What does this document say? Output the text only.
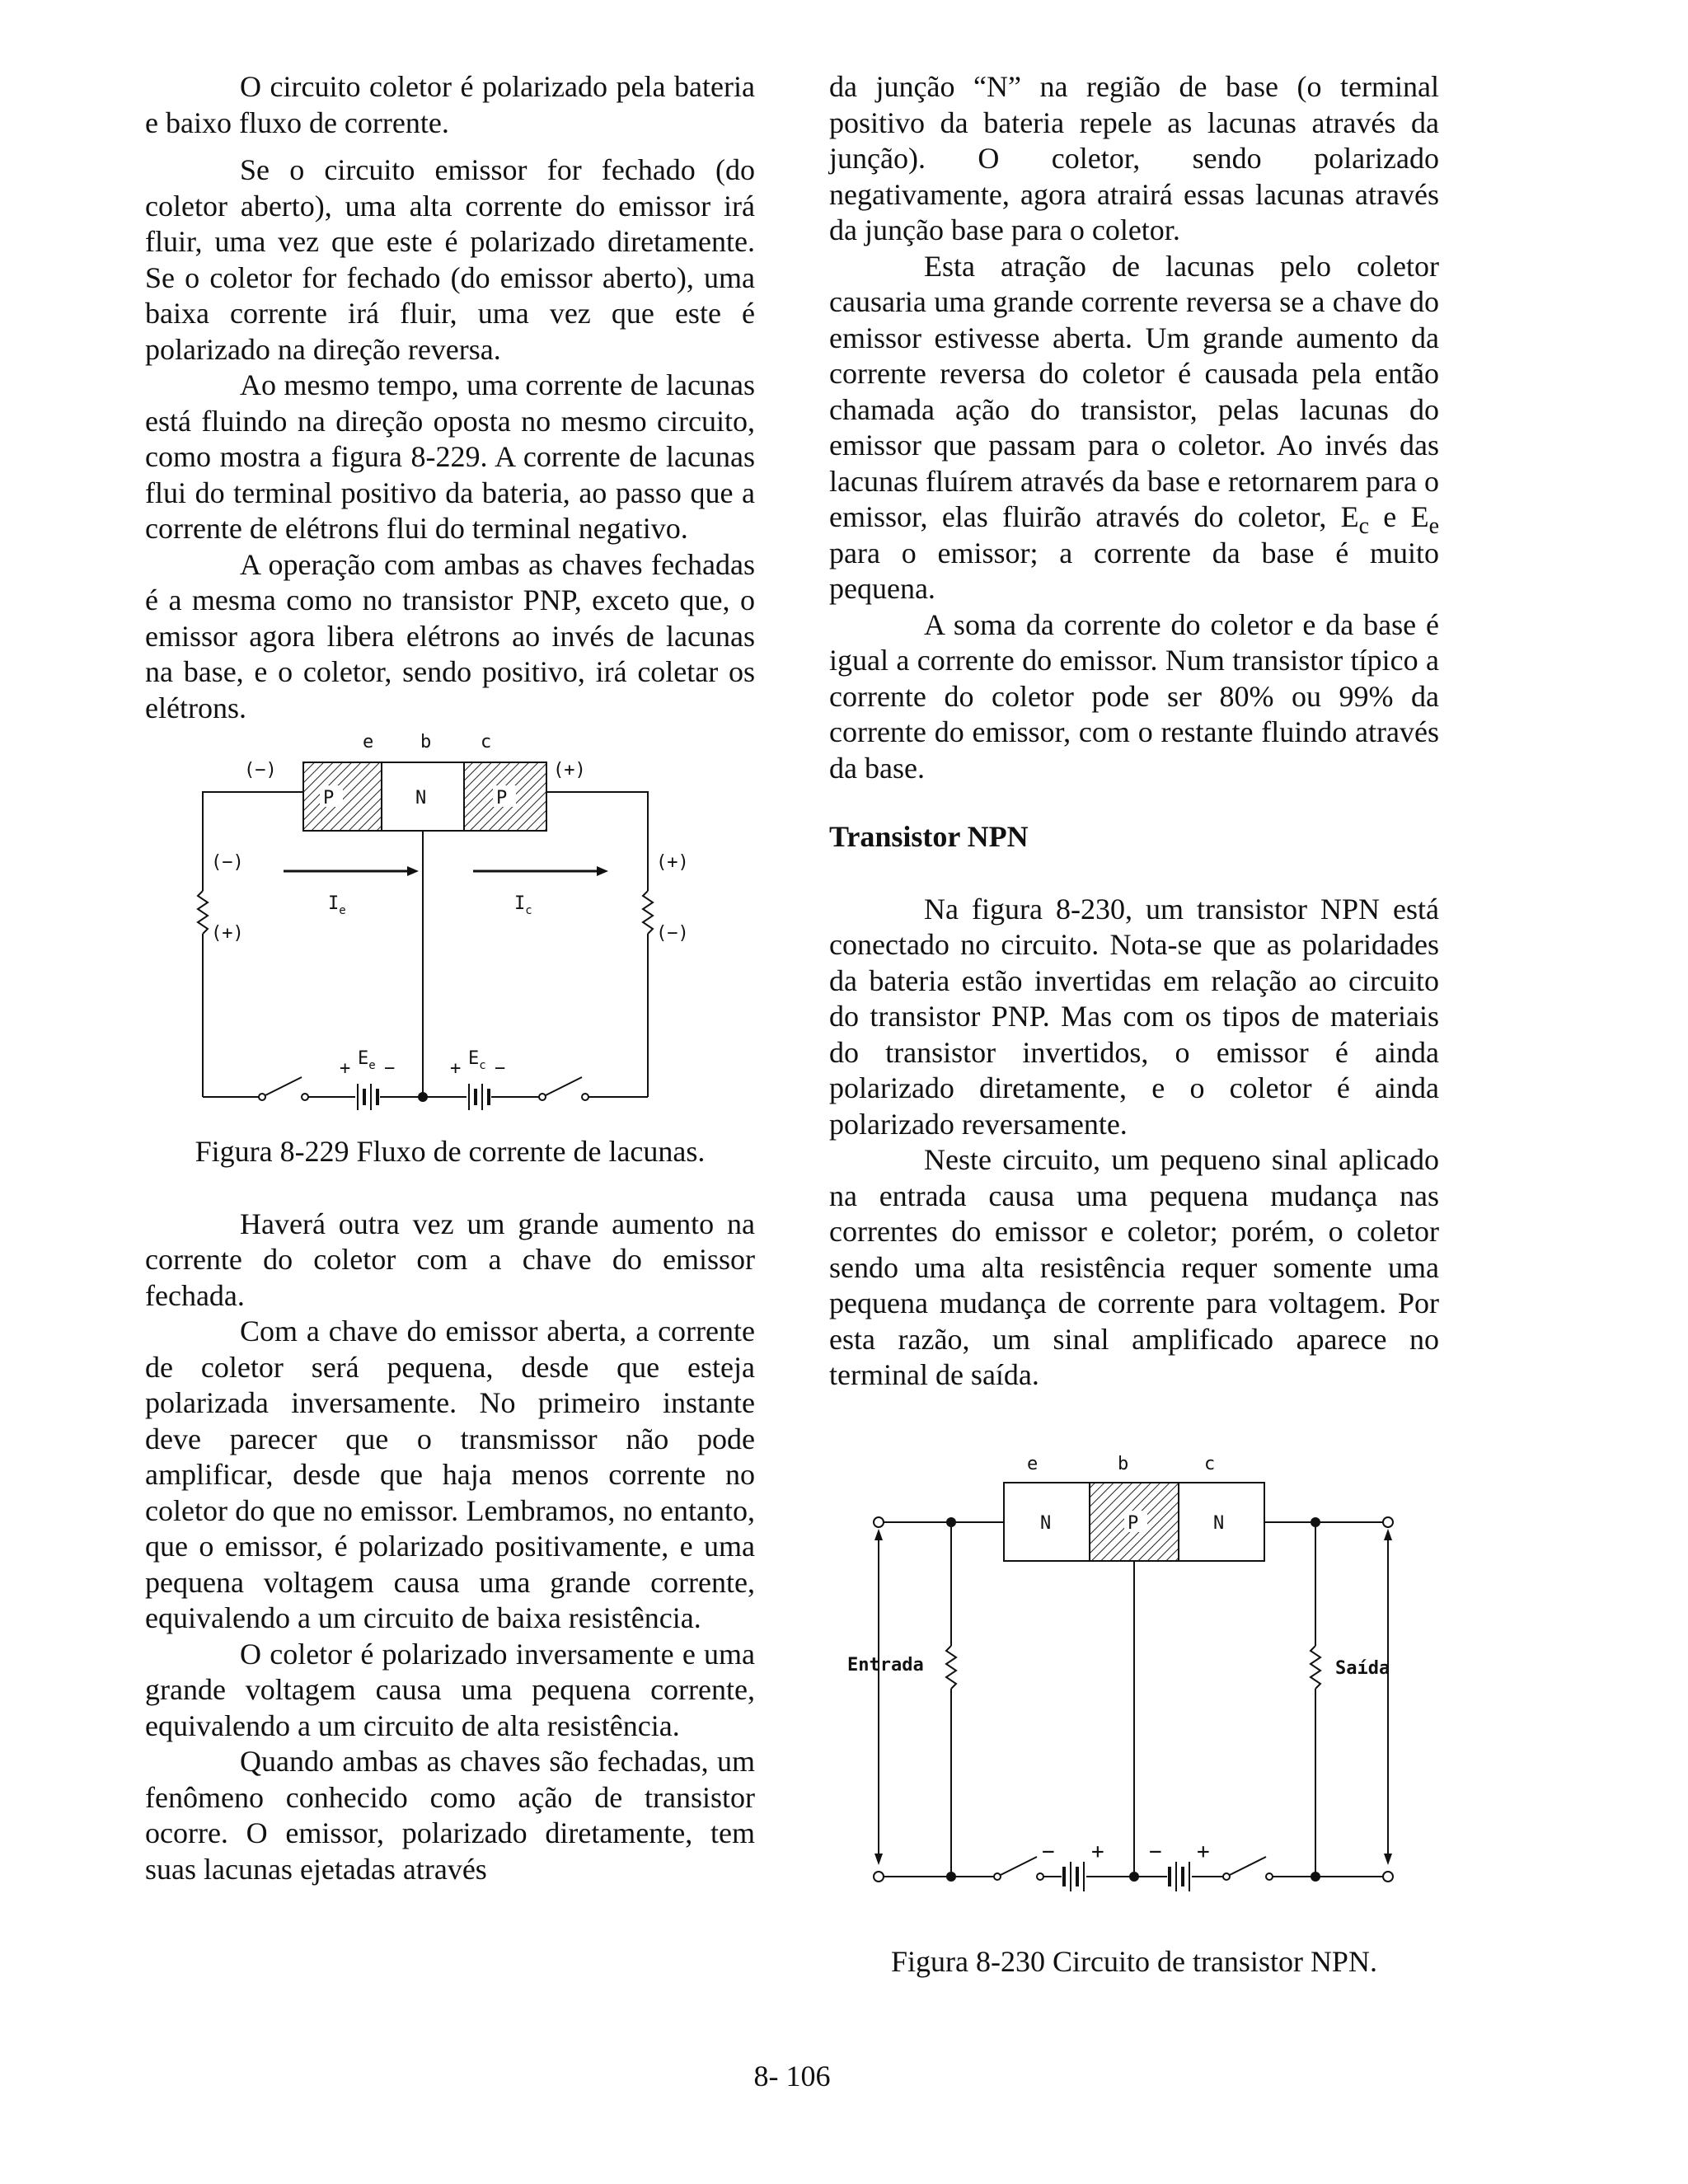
O circuito coletor é polarizado pela bateria e baixo fluxo de corrente.

Se o circuito emissor for fechado (do coletor aberto), uma alta corrente do emissor irá fluir, uma vez que este é polarizado diretamente. Se o coletor for fechado (do emissor aberto), uma baixa corrente irá fluir, uma vez que este é polarizado na direção reversa.

Ao mesmo tempo, uma corrente de lacunas está fluindo na direção oposta no mesmo circuito, como mostra a figura 8-229. A corrente de lacunas flui do terminal positivo da bateria, ao passo que a corrente de elétrons flui do terminal negativo.

A operação com ambas as chaves fechadas é a mesma como no transistor PNP, exceto que, o emissor agora libera elétrons ao invés de lacunas na base, e o coletor, sendo positivo, irá coletar os elétrons.

e	b	c
P	N	P
(−)	(+)
(−)
(+)
(+)
(−)
$I_e$	$I_c$
+ $E_e$ −	+ $E_c$ −

Figura 8-229 Fluxo de corrente de lacunas.

Haverá outra vez um grande aumento na corrente do coletor com a chave do emissor fechada.

Com a chave do emissor aberta, a corrente de coletor será pequena, desde que esteja polarizada inversamente. No primeiro instante deve parecer que o transmissor não pode amplificar, desde que haja menos corrente no coletor do que no emissor. Lembramos, no entanto, que o emissor, é polarizado positivamente, e uma pequena voltagem causa uma grande corrente, equivalendo a um circuito de baixa resistência.

O coletor é polarizado inversamente e uma grande voltagem causa uma pequena corrente, equivalendo a um circuito de alta resistência.

Quando ambas as chaves são fechadas, um fenômeno conhecido como ação de transistor ocorre. O emissor, polarizado diretamente, tem suas lacunas ejetadas através

da junção “N” na região de base (o terminal positivo da bateria repele as lacunas através da junção). O coletor, sendo polarizado negativamente, agora atrairá essas lacunas através da junção base para o coletor.

Esta atração de lacunas pelo coletor causaria uma grande corrente reversa se a chave do emissor estivesse aberta. Um grande aumento da corrente reversa do coletor é causada pela então chamada ação do transistor, pelas lacunas do emissor que passam para o coletor. Ao invés das lacunas fluírem através da base e retornarem para o emissor, elas fluirão através do coletor, $E_c$ e $E_e$ para o emissor; a corrente da base é muito pequena.

A soma da corrente do coletor e da base é igual a corrente do emissor. Num transistor típico a corrente do coletor pode ser 80% ou 99% da corrente do emissor, com o restante fluindo através da base.

Transistor NPN

Na figura 8-230, um transistor NPN está conectado no circuito. Nota-se que as polaridades da bateria estão invertidas em relação ao circuito do transistor PNP. Mas com os tipos de materiais do transistor invertidos, o emissor é ainda polarizado diretamente, e o coletor é ainda polarizado reversamente.

Neste circuito, um pequeno sinal aplicado na entrada causa uma pequena mudança nas correntes do emissor e coletor; porém, o coletor sendo uma alta resistência requer somente uma pequena mudança de corrente para voltagem. Por esta razão, um sinal amplificado aparece no terminal de saída.

e	b	c
N	P	N
Entrada	Saída
− + − +

Figura 8-230 Circuito de transistor NPN.

8- 106
